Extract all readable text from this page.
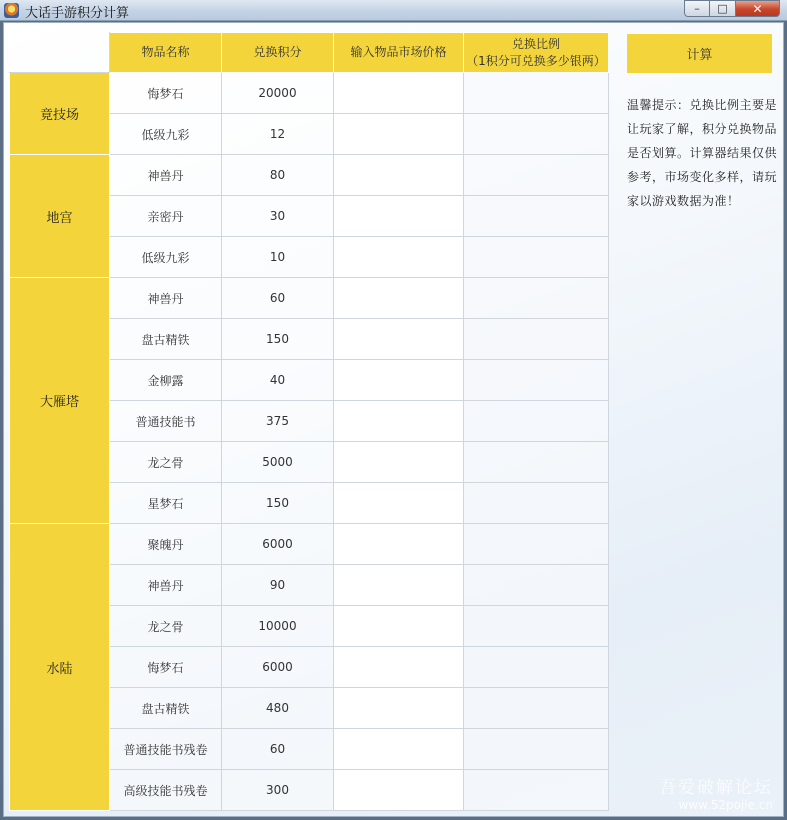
大话手游积分计算	–	□	✕
	物品名称	兑换积分	输入物品市场价格	兑换比例
（1积分可兑换多少银两）

竟技场	悔梦石	20000		
	低级九彩	12		
地宫	神兽丹	80		
	亲密丹	30		
	低级九彩	10		
大雁塔	神兽丹	60		
	盘古精铁	150		
	金柳露	40		
	普通技能书	375		
	龙之骨	5000		
	星梦石	150		
水陆	聚魄丹	6000		
	神兽丹	90		
	龙之骨	10000		
	悔梦石	6000		
	盘古精铁	480		
	普通技能书残卷	60		
	高级技能书残卷	300		
计算
温馨提示：兑换比例主要是让玩家了解，积分兑换物品是否划算。计算器结果仅供参考，市场变化多样，请玩家以游戏数据为准！
吾爱破解论坛
www.52pojie.cn
